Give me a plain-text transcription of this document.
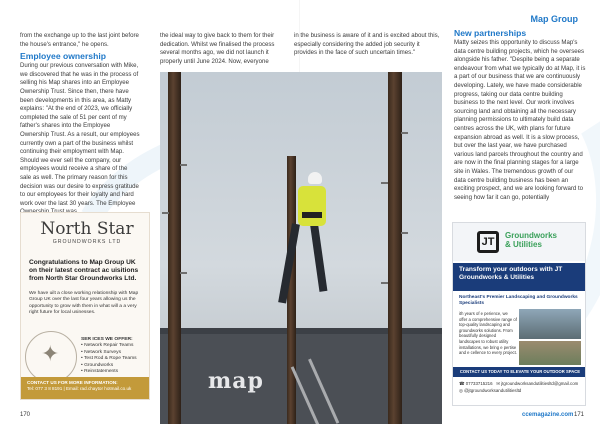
Map Group

from the exchange up to the last joint before the house's entrance," he opens.

Employee ownership

During our previous conversation with Mike, we discovered that he was in the process of selling his Map shares into an Employee Ownership Trust. Since then, there have been developments in this area, as Matty explains: "At the end of 2023, we officially completed the sale of 51 per cent of my father's shares into the Employee Ownership Trust. As a result, our employees currently own a part of the business whilst continuing their employment with Map. Should we ever sell the company, our employees would receive a share of the sale as well. The primary reason for this decision was our desire to express gratitude to our employees for their loyalty and hard work over the last 30 years. The Employee

the ideal way to give back to them for their dedication. Whilst we finalised the process several months ago, we did not launch it properly until June 2024. Now, everyone

in the business is aware of it and is excited about this, especially considering the added job security it provides in the face of such uncertain times."

New partnerships

Matty seizes this opportunity to discuss Map's data centre building projects, which he oversees alongside his father. "Despite being a separate endeavour from what we typically do at Map, it is a part of our business that we are continuously developing. Lately, we have made considerable progress, taking our data centre building business to the next level. Our work involves sourcing land and obtaining all the necessary planning permissions to ultimately build data centres across the UK, with plans for future expansion abroad as well. It is a slow process, but over the last year, we have purchased various land parcels throughout the country and are now in the final planning stages for a large site in Wales. The tremendous growth of our data centre building business has been an exciting prospect, and we are looking forward to seeing how far it can go, potentially

map
North Star
GROUNDWORKS LTD
Congratulations to Map Group UK on their latest contract ac uisitions from North Star Groundworks Ltd.
We have uilt a close working relationship with Map Group UK over the last four years allowing us the opportunity to grow with them in what will a a very right future for local usinesses.
✦
SER ICES WE OFFER:
• Network Repair Teams
• Network Surveys
• Test Rod & Rope Teams
• Groundworks
• Reinstatements
CONTACT US FOR MORE INFORMATION:
Tel: 077 3 8 8191 | Email: rad.chaytor hotmail.co.uk
JT
Groundworks
& Utilities
Transform your outdoors with JT Groundworks & Utilities
Northeast's Premier Landscaping and Groundworks Specialists
ith years of e perience, we offer a comprehensive range of top-quality landscaping and groundworks solutions. From beautifully designed landscapes to robust utility installations, we bring e pertise and e cellence to every project.
CONTACT US TODAY TO ELEVATE YOUR OUTDOOR SPACE
☎ 07733715216 ✉ jtgroundworksandutilitiesltd@gmail.com
◎ @jtgroundworksandutilitiesltd
170	ccemagazine.com 171
